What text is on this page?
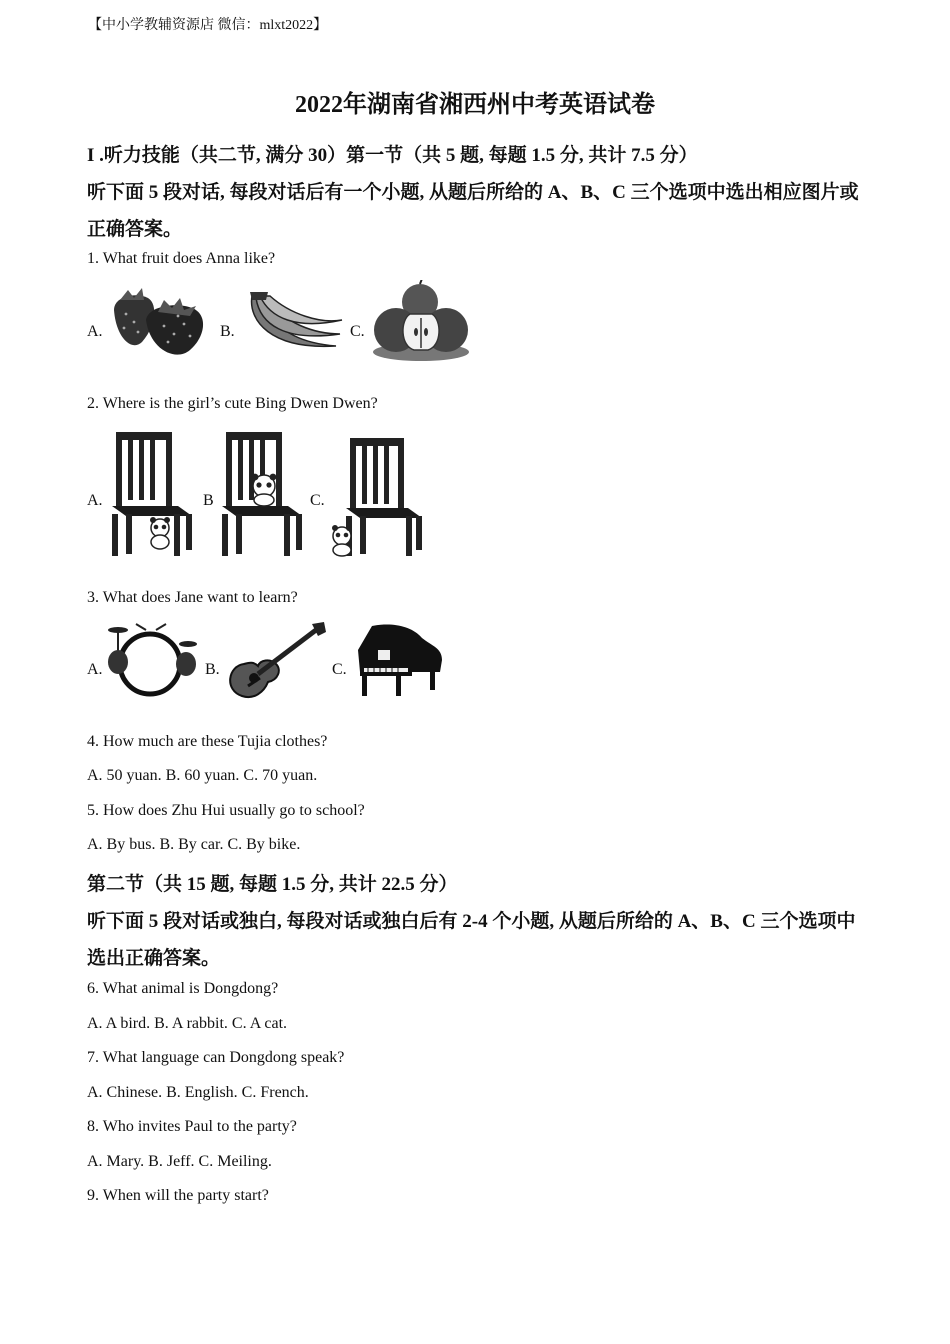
【中小学教辅资源店 微信：mlxt2022】
2022年湖南省湘西州中考英语试卷
I .听力技能（共二节, 满分 30）第一节（共 5 题, 每题 1.5 分, 共计 7.5 分）
听下面 5 段对话, 每段对话后有一个小题, 从题后所给的 A、B、C 三个选项中选出相应图片或
正确答案。
1. What fruit does Anna like?
A.	B.	C.
2. Where is the girl’s cute Bing Dwen Dwen?
A.	B	C.
3. What does Jane want to learn?
A.	B.	C.
4. How much are these Tujia clothes?
A. 50 yuan. B. 60 yuan. C. 70 yuan.
5. How does Zhu Hui usually go to school?
A. By bus. B. By car. C. By bike.
第二节（共 15 题, 每题 1.5 分, 共计 22.5 分）
听下面 5 段对话或独白, 每段对话或独白后有 2-4 个小题, 从题后所给的 A、B、C 三个选项中
选出正确答案。
6. What animal is Dongdong?
A. A bird. B. A rabbit. C. A cat.
7. What language can Dongdong speak?
A. Chinese. B. English. C. French.
8. Who invites Paul to the party?
A. Mary. B. Jeff. C. Meiling.
9. When will the party start?
